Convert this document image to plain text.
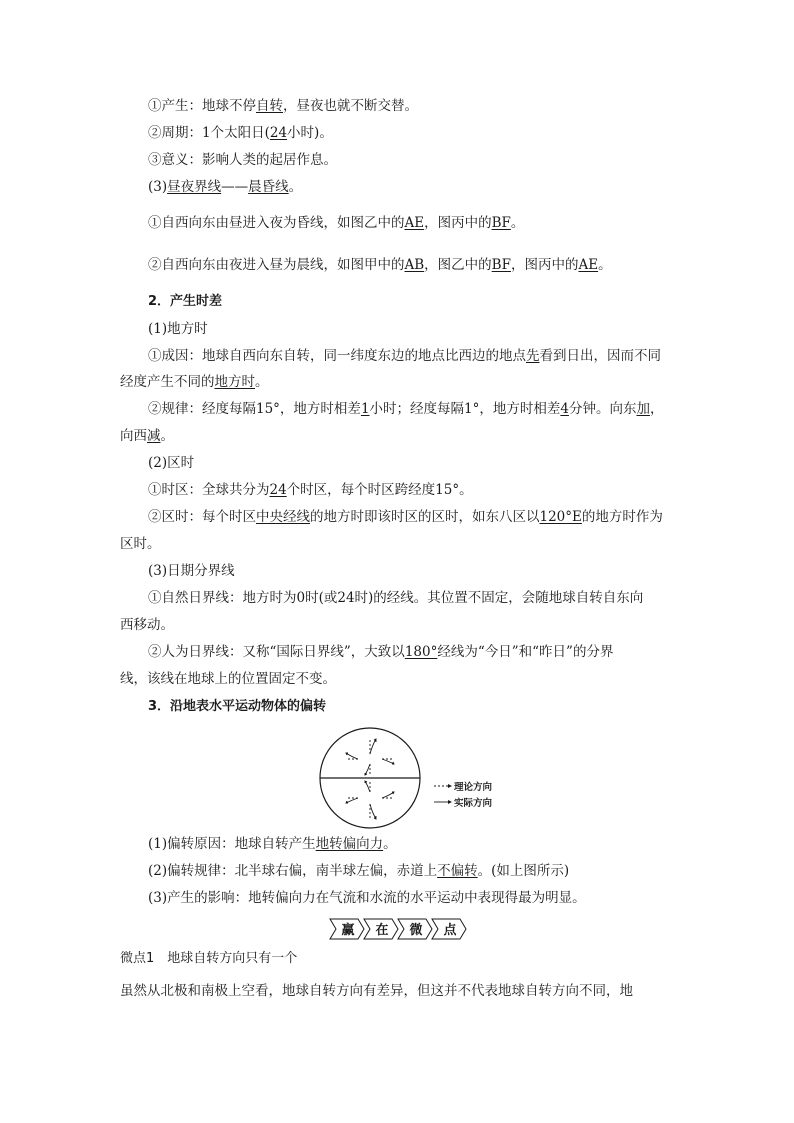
①产生：地球不停自转，昼夜也就不断交替。
②周期：1个太阳日(24小时)。
③意义：影响人类的起居作息。
(3)昼夜界线——晨昏线。
①自西向东由昼进入夜为昏线，如图乙中的AE，图丙中的BF。
②自西向东由夜进入昼为晨线，如图甲中的AB，图乙中的BF，图丙中的AE。
2．产生时差
(1)地方时
①成因：地球自西向东自转，同一纬度东边的地点比西边的地点先看到日出，因而不同
经度产生不同的地方时。
②规律：经度每隔15°，地方时相差1小时；经度每隔1°，地方时相差4分钟。向东加，
向西减。
(2)区时
①时区：全球共分为24个时区，每个时区跨经度15°。
②区时：每个时区中央经线的地方时即该时区的区时，如东八区以120°E的地方时作为
区时。
(3)日期分界线
①自然日界线：地方时为0时(或24时)的经线。其位置不固定，会随地球自转自东向
西移动。
②人为日界线：又称“国际日界线”，大致以180°经线为“今日”和“昨日”的分界
线，该线在地球上的位置固定不变。
3．沿地表水平运动物体的偏转
理论方向
实际方向
(1)偏转原因：地球自转产生地转偏向力。
(2)偏转规律：北半球右偏，南半球左偏，赤道上不偏转。(如上图所示)
(3)产生的影响：地转偏向力在气流和水流的水平运动中表现得最为明显。
赢 在 微 点
微点1　地球自转方向只有一个
虽然从北极和南极上空看，地球自转方向有差异，但这并不代表地球自转方向不同，地
